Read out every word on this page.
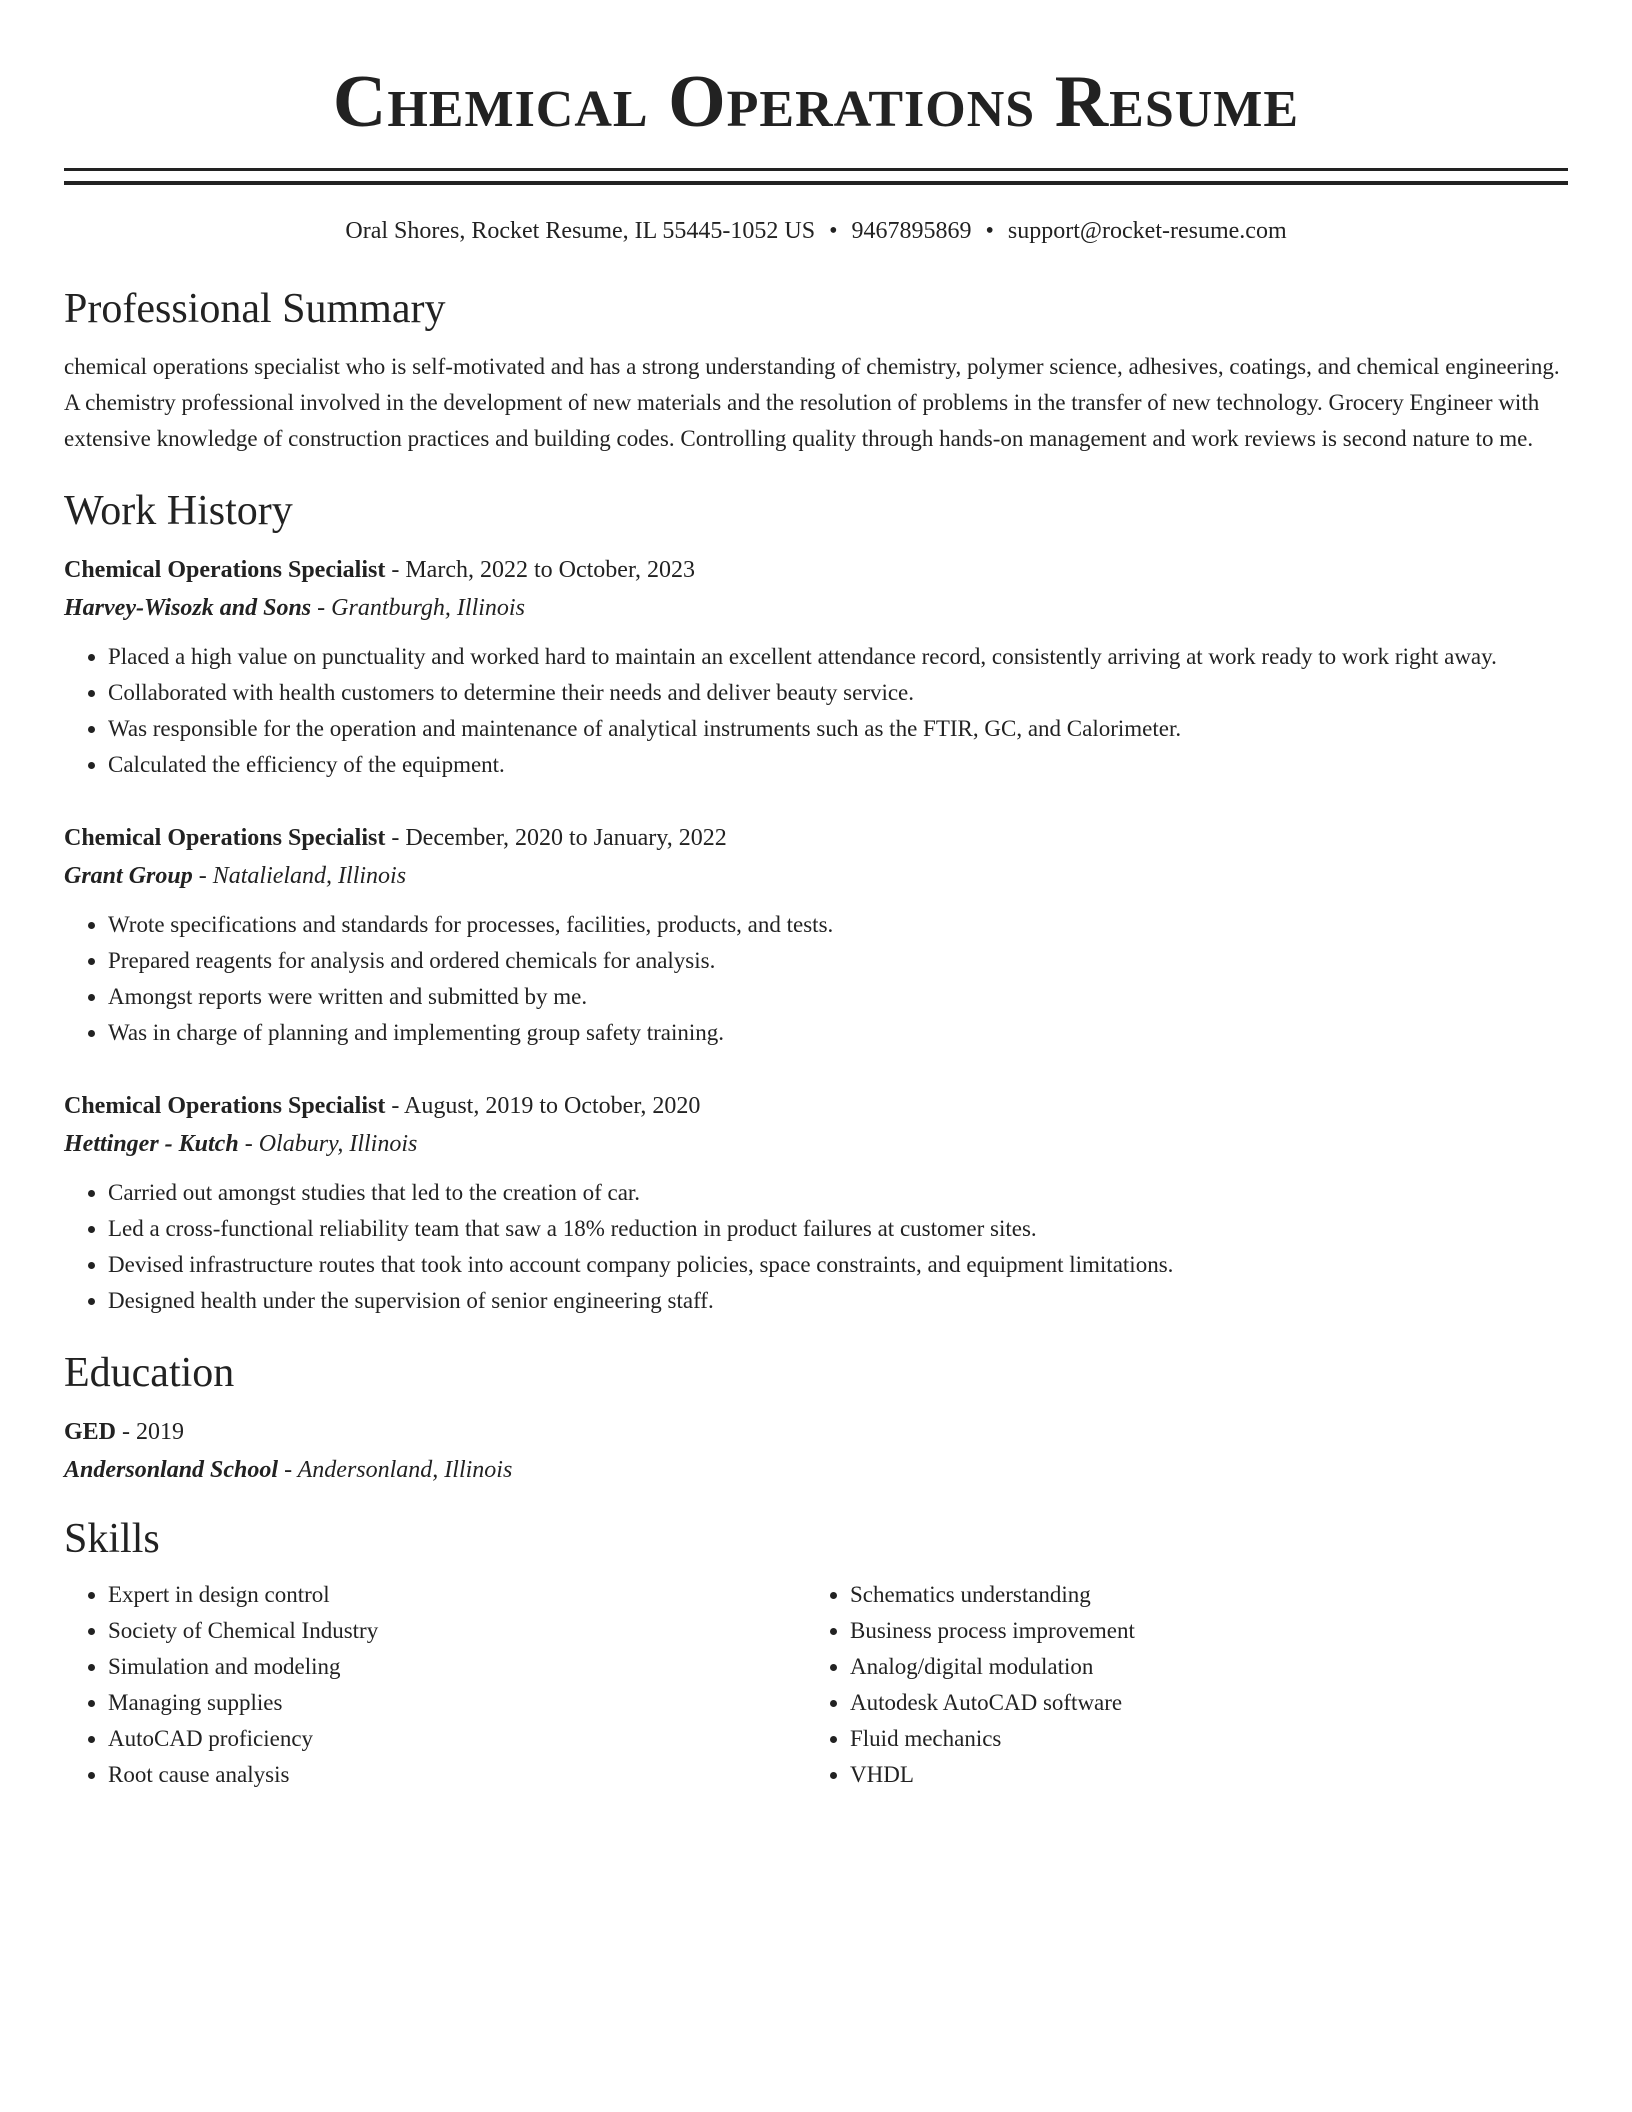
Chemical Operations Resume
Oral Shores, Rocket Resume, IL 55445-1052 US • 9467895869 • support@rocket-resume.com
Professional Summary

chemical operations specialist who is self-motivated and has a strong understanding of chemistry, polymer science, adhesives, coatings, and chemical engineering. A chemistry professional involved in the development of new materials and the resolution of problems in the transfer of new technology. Grocery Engineer with extensive knowledge of construction practices and building codes. Controlling quality through hands-on management and work reviews is second nature to me.

Work History
Chemical Operations Specialist - March, 2022 to October, 2023
Harvey-Wisozk and Sons - Grantburgh, Illinois
• Placed a high value on punctuality and worked hard to maintain an excellent attendance record, consistently arriving at work ready to work right away.
• Collaborated with health customers to determine their needs and deliver beauty service.
• Was responsible for the operation and maintenance of analytical instruments such as the FTIR, GC, and Calorimeter.
• Calculated the efficiency of the equipment.
Chemical Operations Specialist - December, 2020 to January, 2022
Grant Group - Natalieland, Illinois
• Wrote specifications and standards for processes, facilities, products, and tests.
• Prepared reagents for analysis and ordered chemicals for analysis.
• Amongst reports were written and submitted by me.
• Was in charge of planning and implementing group safety training.
Chemical Operations Specialist - August, 2019 to October, 2020
Hettinger - Kutch - Olabury, Illinois
• Carried out amongst studies that led to the creation of car.
• Led a cross-functional reliability team that saw a 18% reduction in product failures at customer sites.
• Devised infrastructure routes that took into account company policies, space constraints, and equipment limitations.
• Designed health under the supervision of senior engineering staff.
Education
GED - 2019
Andersonland School - Andersonland, Illinois
Skills
• Expert in design control
• Society of Chemical Industry
• Simulation and modeling
• Managing supplies
• AutoCAD proficiency
• Root cause analysis
• Schematics understanding
• Business process improvement
• Analog/digital modulation
• Autodesk AutoCAD software
• Fluid mechanics
• VHDL
